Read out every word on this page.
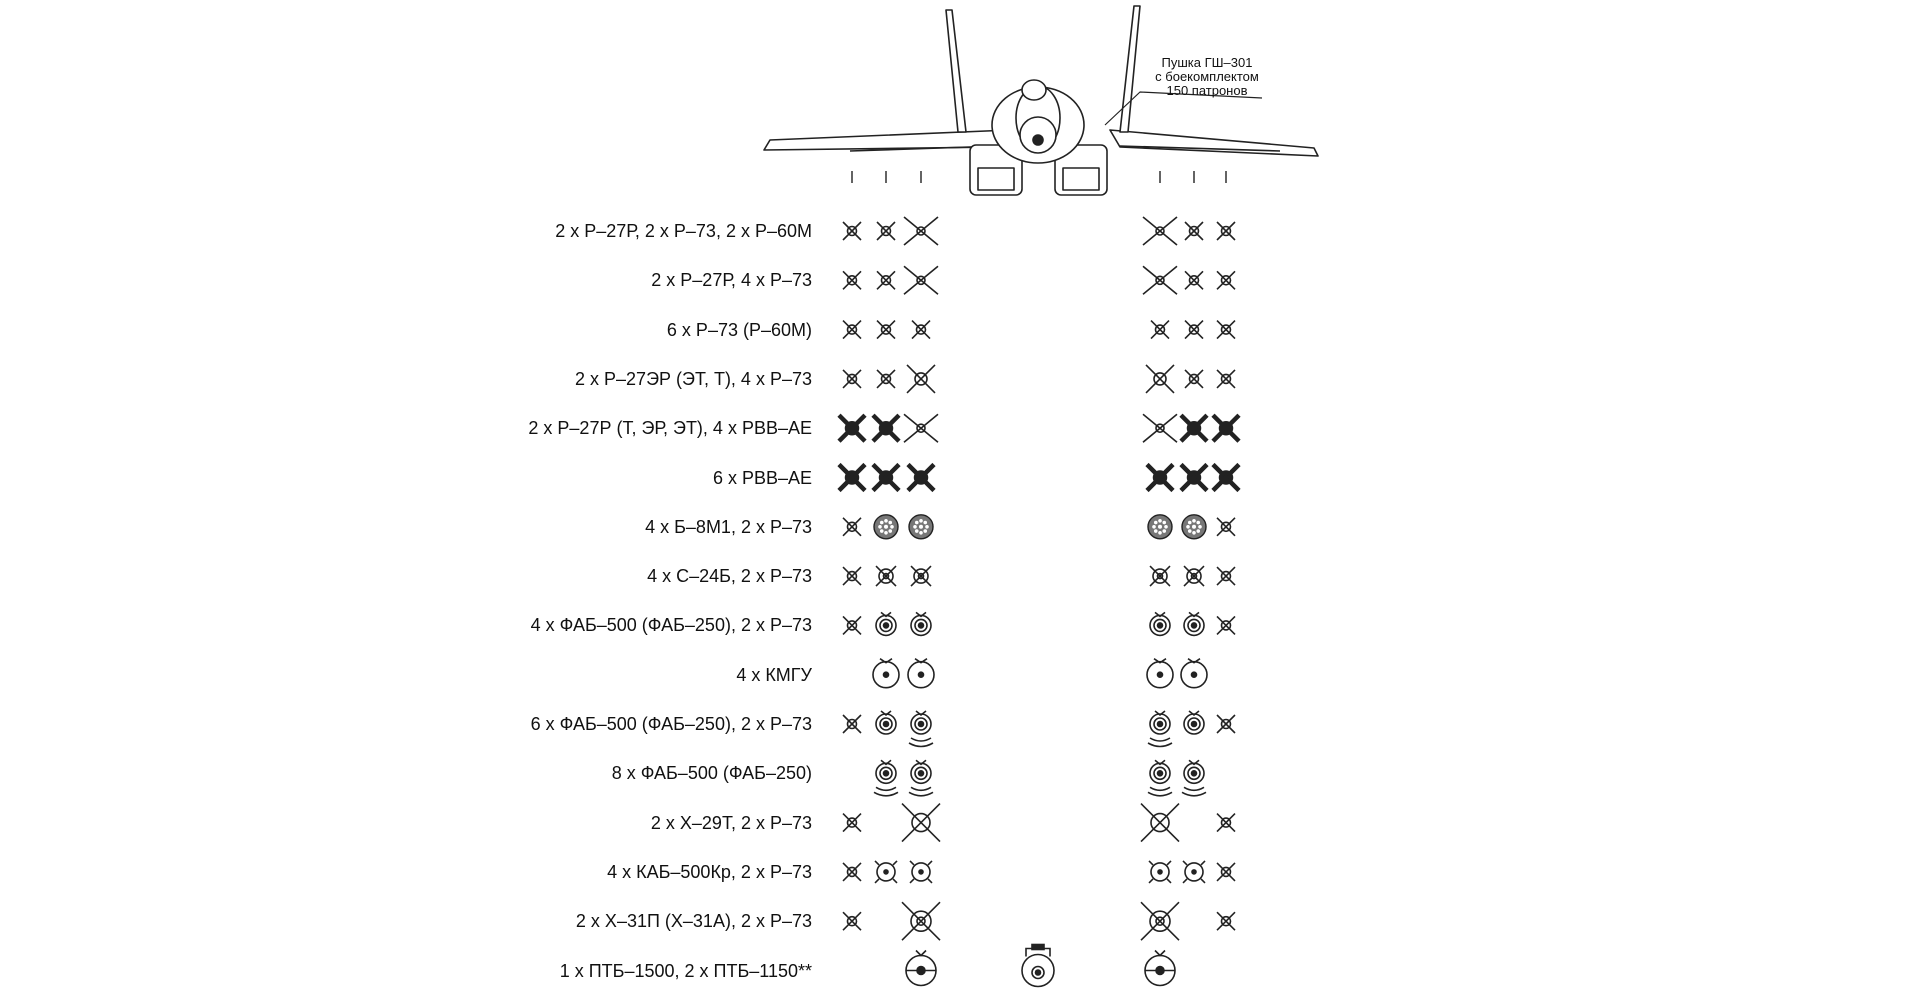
Пушка ГШ–301
с боекомплектом
150 патронов
2 x Р–27Р, 2 x Р–73, 2 x Р–60М
2 x Р–27Р, 4 x Р–73
6 x Р–73 (Р–60М)
2 x Р–27ЭР (ЭТ, Т), 4 x Р–73
2 x Р–27Р (Т, ЭР, ЭТ), 4 x РВВ–АЕ
6 x РВВ–АЕ
4 x Б–8М1, 2 x Р–73
4 x С–24Б, 2 x Р–73
4 x ФАБ–500 (ФАБ–250), 2 x Р–73
4 x КМГУ
6 x ФАБ–500 (ФАБ–250), 2 x Р–73
8 x ФАБ–500 (ФАБ–250)
2 x Х–29Т, 2 x Р–73
4 x КАБ–500Кр, 2 x Р–73
2 x Х–31П (Х–31А), 2 x Р–73
1 x ПТБ–1500, 2 x ПТБ–1150**
